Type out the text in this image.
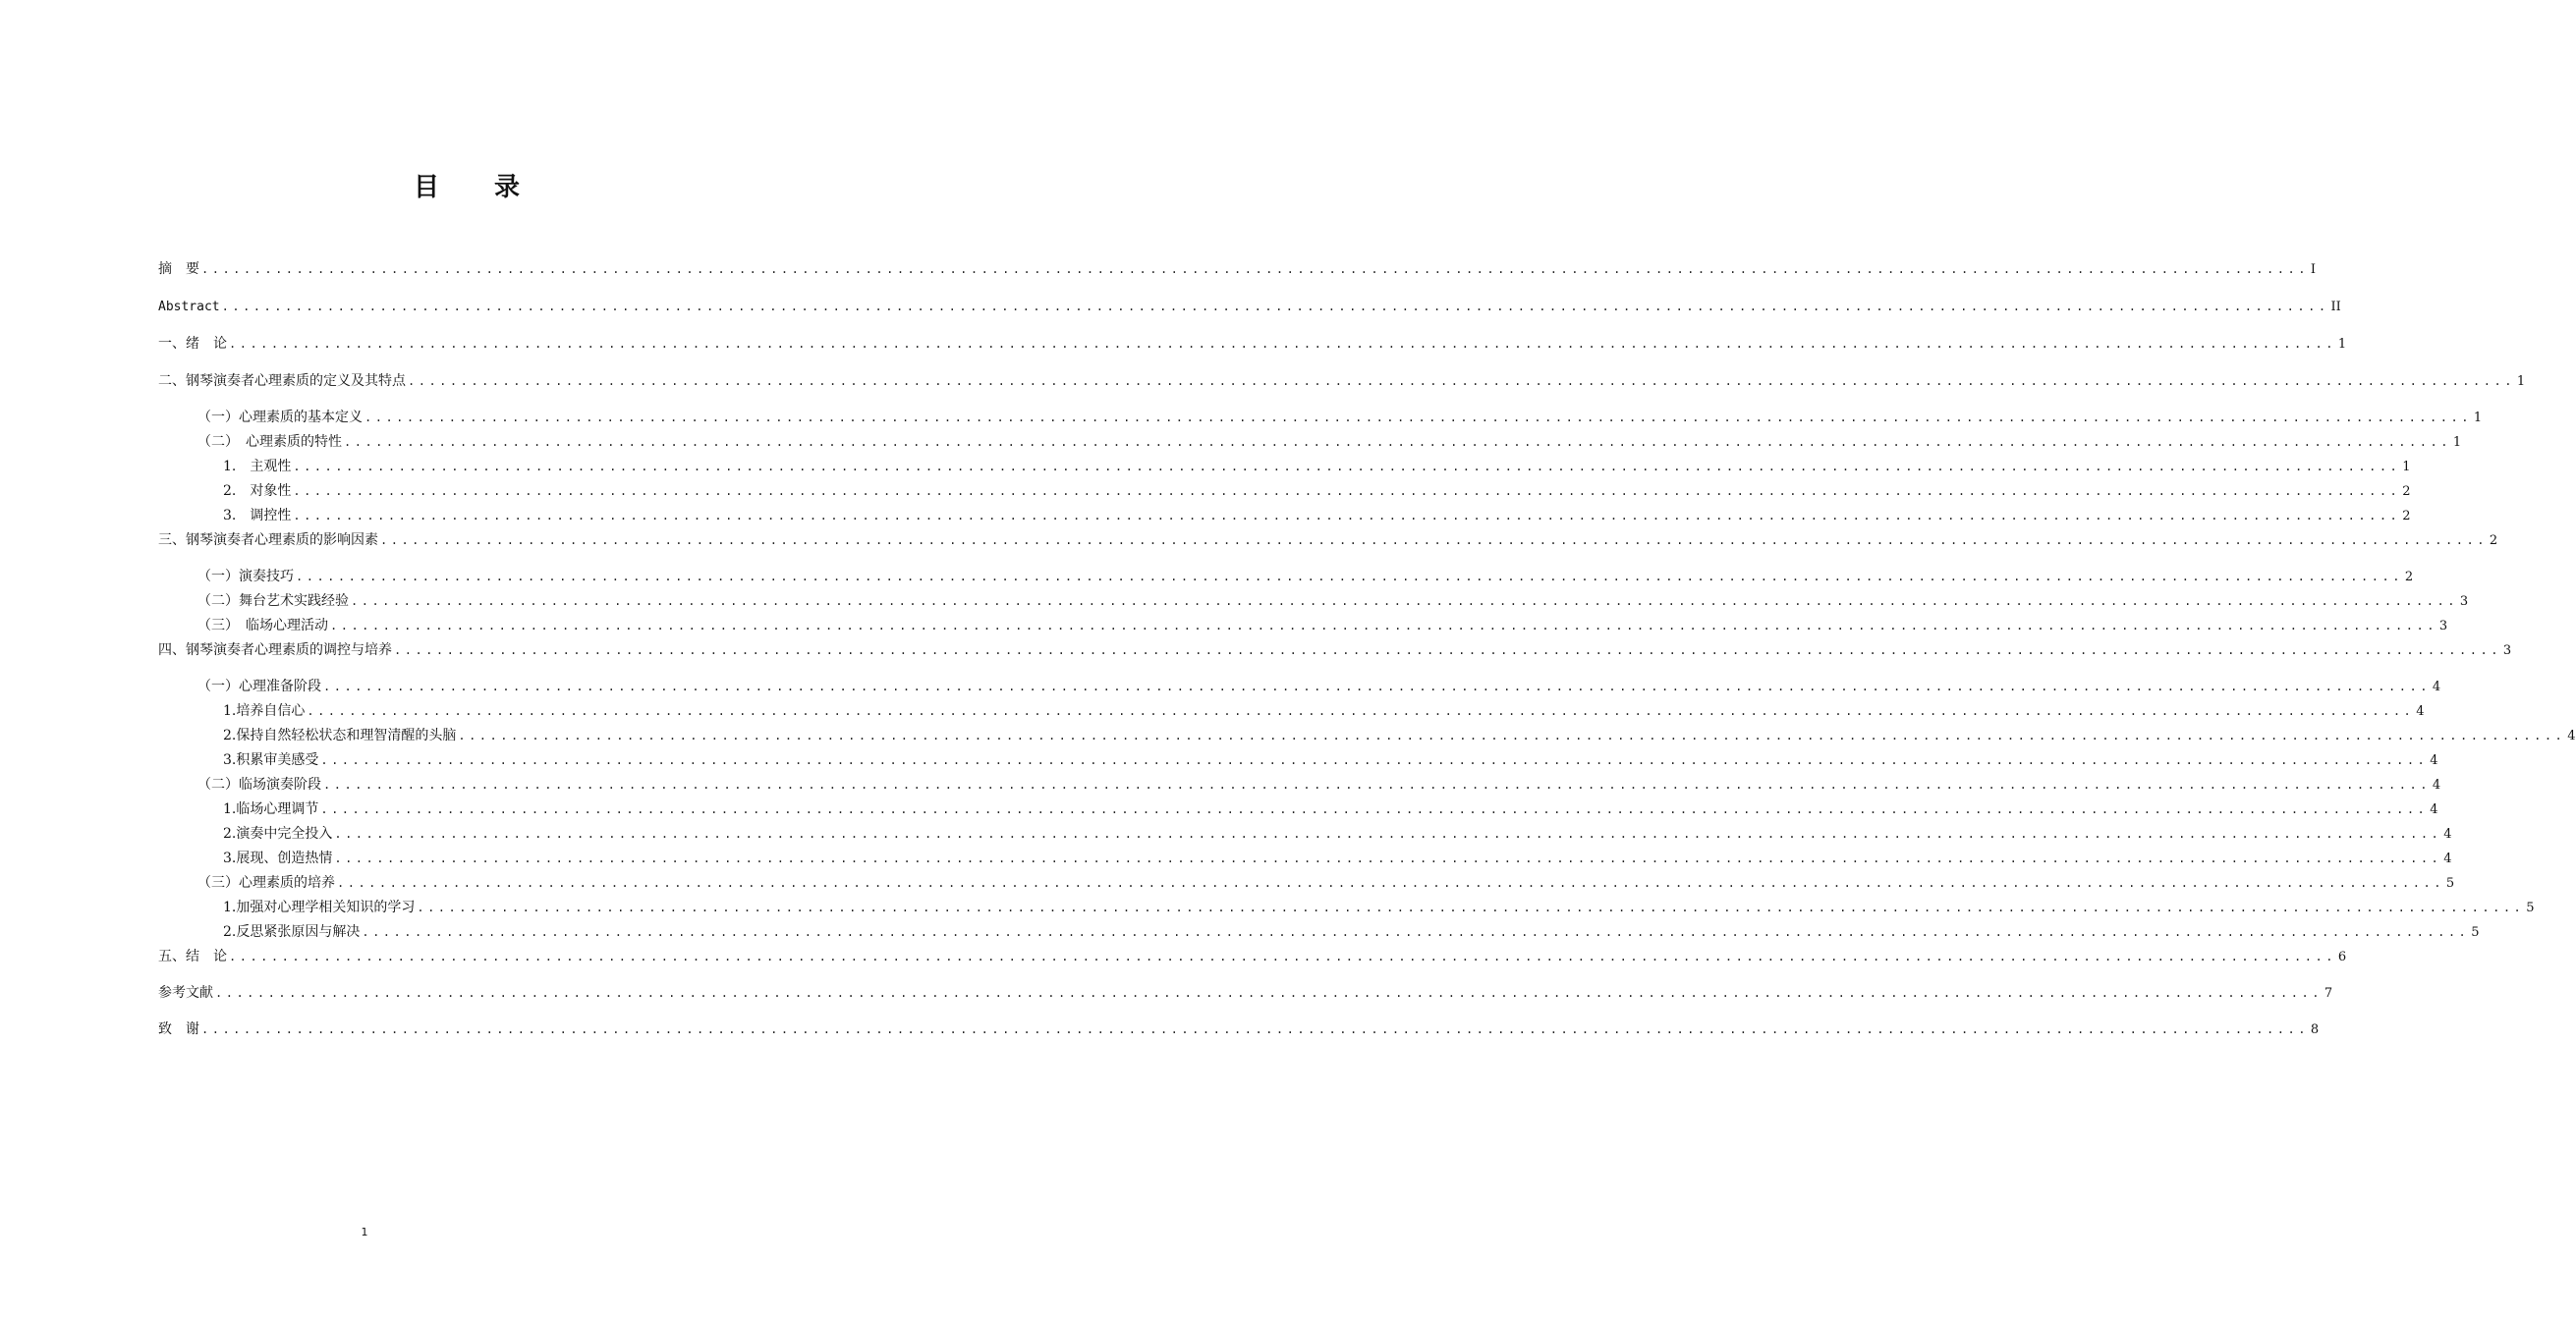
目录
摘　要 ........................................................................................................................................................................................................ I
Abstract ........................................................................................................................................................................................................ II
一、绪　论 ........................................................................................................................................................................................................ 1
二、钢琴演奏者心理素质的定义及其特点 ........................................................................................................................................................................................................ 1
（一）心理素质的基本定义 ........................................................................................................................................................................................................ 1
（二）　心理素质的特性 ........................................................................................................................................................................................................ 1
1.　主观性 ........................................................................................................................................................................................................ 1
2.　对象性 ........................................................................................................................................................................................................ 2
3.　调控性 ........................................................................................................................................................................................................ 2
三、钢琴演奏者心理素质的影响因素 ........................................................................................................................................................................................................ 2
（一）演奏技巧 ........................................................................................................................................................................................................ 2
（二）舞台艺术实践经验 ........................................................................................................................................................................................................ 3
（三）　临场心理活动 ........................................................................................................................................................................................................ 3
四、钢琴演奏者心理素质的调控与培养 ........................................................................................................................................................................................................ 3
（一）心理准备阶段 ........................................................................................................................................................................................................ 4
1.培养自信心 ........................................................................................................................................................................................................ 4
2.保持自然轻松状态和理智清醒的头脑 ........................................................................................................................................................................................................ 4
3.积累审美感受 ........................................................................................................................................................................................................ 4
（二）临场演奏阶段 ........................................................................................................................................................................................................ 4
1.临场心理调节 ........................................................................................................................................................................................................ 4
2.演奏中完全投入 ........................................................................................................................................................................................................ 4
3.展现、创造热情 ........................................................................................................................................................................................................ 4
（三）心理素质的培养 ........................................................................................................................................................................................................ 5
1.加强对心理学相关知识的学习 ........................................................................................................................................................................................................ 5
2.反思紧张原因与解决 ........................................................................................................................................................................................................ 5
五、结　论 ........................................................................................................................................................................................................ 6
参考文献 ........................................................................................................................................................................................................ 7
致　谢 ........................................................................................................................................................................................................ 8
1
